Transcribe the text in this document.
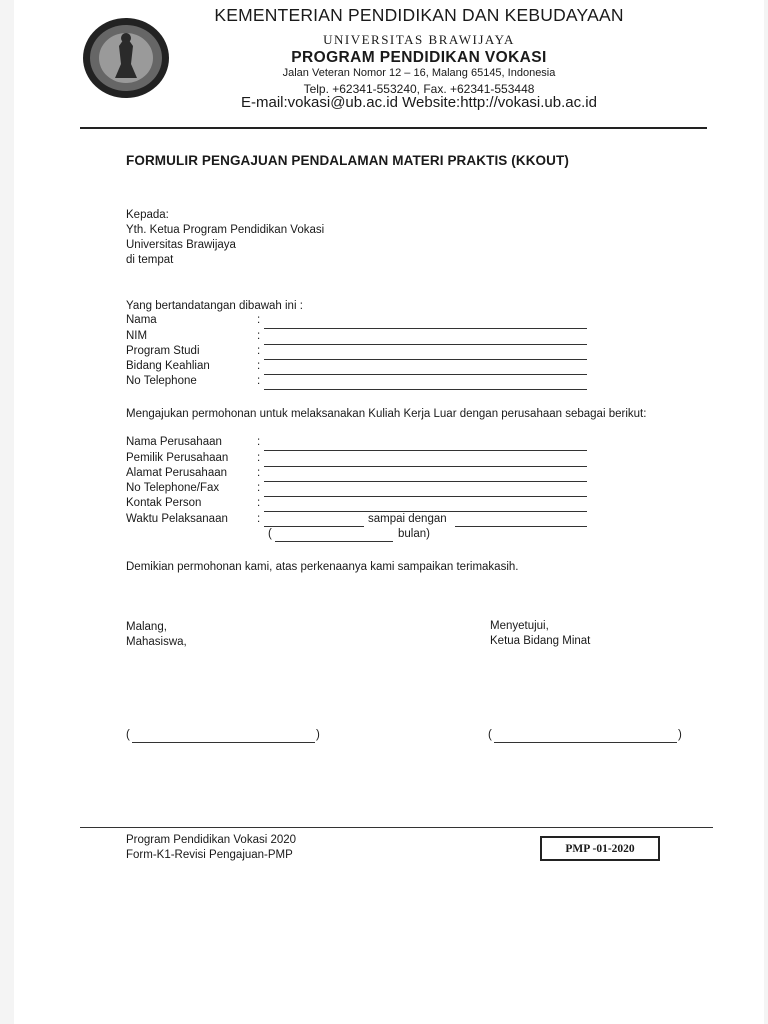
KEMENTERIAN PENDIDIKAN DAN KEBUDAYAAN
UNIVERSITAS BRAWIJAYA
PROGRAM PENDIDIKAN VOKASI
Jalan Veteran Nomor 12 – 16, Malang 65145, Indonesia
Telp. +62341-553240, Fax. +62341-553448
E-mail:vokasi@ub.ac.id Website:http://vokasi.ub.ac.id
FORMULIR PENGAJUAN PENDALAMAN MATERI PRAKTIS (KKOUT)
Kepada:
Yth. Ketua Program Pendidikan Vokasi
Universitas Brawijaya
di tempat
Yang bertandatangan dibawah ini :
Nama	:
NIM	:
Program Studi	:
Bidang Keahlian	:
No Telephone	:
Mengajukan permohonan untuk melaksanakan Kuliah Kerja Luar dengan perusahaan sebagai berikut:
Nama Perusahaan	:
Pemilik Perusahaan :
Alamat Perusahaan	:
No Telephone/Fax	:
Kontak Person	:
Waktu Pelaksanaan	:	sampai dengan
(	bulan)
Demikian permohonan kami, atas perkenaanya kami sampaikan terimakasih.
Malang,
Mahasiswa,
Menyetujui,
Ketua Bidang Minat
(	)	(	)
Program Pendidikan Vokasi 2020
Form-K1-Revisi Pengajuan-PMP	PMP -01-2020
